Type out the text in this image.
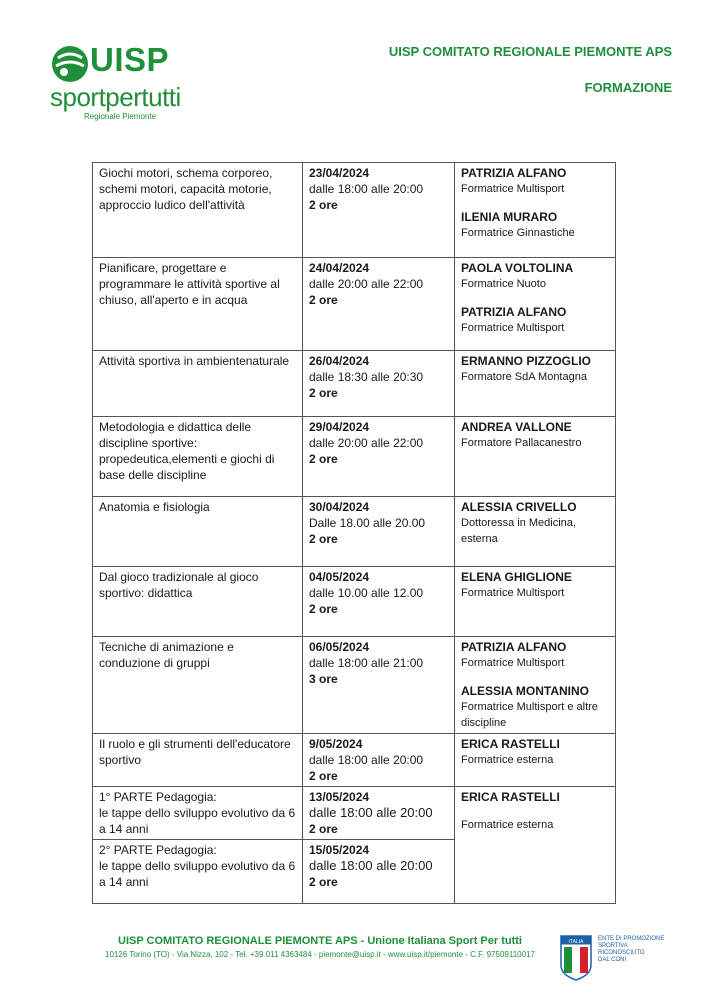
UISP
sportpertutti
Regionale Piemonte
UISP COMITATO REGIONALE PIEMONTE APS
FORMAZIONE
Giochi motori, schema corporeo, schemi motori, capacità motorie, approccio ludico dell'attività	23/04/2024
dalle 18:00 alle 20:00
2 ore	PATRIZIA ALFANO
Formatrice Multisport
ILENIA MURARO
Formatrice Ginnastiche

Pianificare, progettare e programmare le attività sportive al chiuso, all'aperto e in acqua	24/04/2024
dalle 20:00 alle 22:00
2 ore	PAOLA VOLTOLINA
Formatrice Nuoto
PATRIZIA ALFANO
Formatrice Multisport

Attività sportiva in ambientenaturale	26/04/2024
dalle 18:30 alle 20:30
2 ore	ERMANNO PIZZOGLIO
Formatore SdA Montagna

Metodologia e didattica delle discipline sportive: propedeutica,elementi e giochi di base delle discipline	29/04/2024
dalle 20:00 alle 22:00
2 ore	ANDREA VALLONE
Formatore Pallacanestro

Anatomia e fisiologia	30/04/2024
Dalle 18.00 alle 20.00
2 ore	ALESSIA CRIVELLO
Dottoressa in Medicina, esterna

Dal gioco tradizionale al gioco sportivo: didattica	04/05/2024
dalle 10.00 alle 12.00
2 ore	ELENA GHIGLIONE
Formatrice Multisport

Tecniche di animazione e conduzione di gruppi	06/05/2024
dalle 18:00 alle 21:00
3 ore	PATRIZIA ALFANO
Formatrice Multisport
ALESSIA MONTANINO
Formatrice Multisport e altre discipline

Il ruolo e gli strumenti dell'educatore sportivo	9/05/2024
dalle 18:00 alle 20:00
2 ore	ERICA RASTELLI
Formatrice esterna

1° PARTE Pedagogia:
le tappe dello sviluppo evolutivo da 6 a 14 anni	13/05/2024
dalle 18:00 alle 20:00
2 ore	ERICA RASTELLI
Formatrice esterna

2° PARTE Pedagogia:
le tappe dello sviluppo evolutivo da 6 a 14 anni	15/05/2024
dalle 18:00 alle 20:00
2 ore	
UISP COMITATO REGIONALE PIEMONTE APS - Unione Italiana Sport Per tutti
10126 Torino (TO) - Via Nizza, 102 - Tel. +39 011 4363484 - piemonte@uisp.it - www.uisp.it/piemonte - C.F. 97509110017
ITALIA ENTE DI PROMOZIONE
SPORTIVA
RICONOSCIUTO
DAL CONI
